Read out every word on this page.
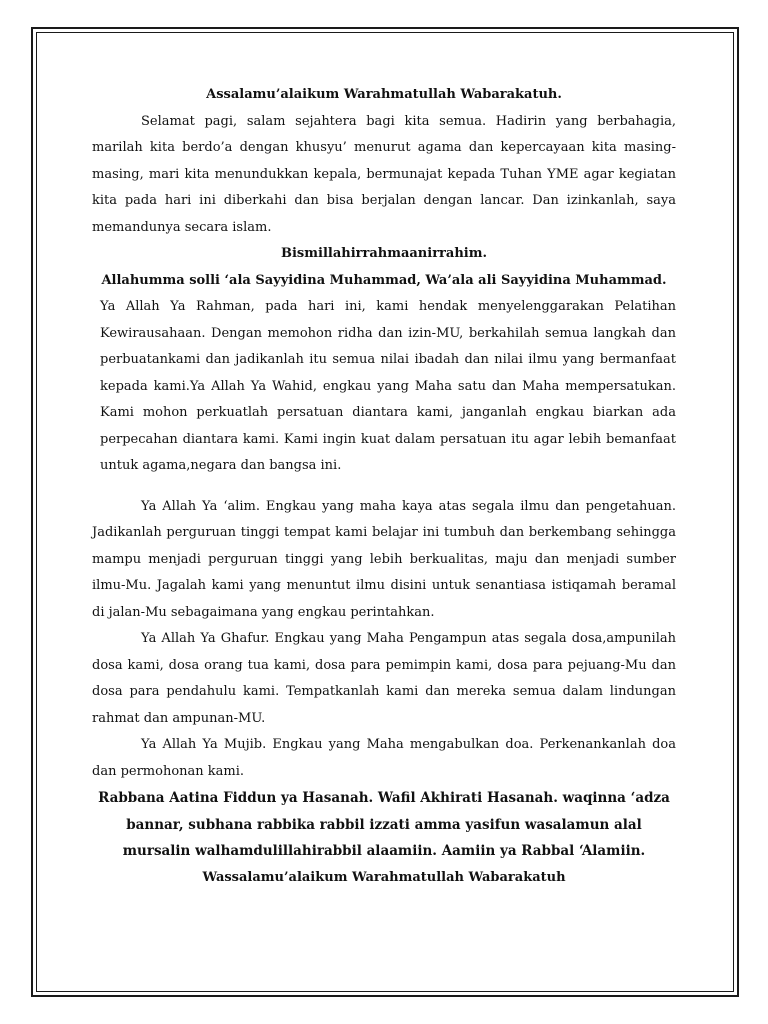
Assalamu’alaikum Warahmatullah Wabarakatuh.

Selamat pagi, salam sejahtera bagi kita semua. Hadirin yang berbahagia, marilah kita berdo’a dengan khusyu’ menurut agama dan kepercayaan kita masing-masing, mari kita menundukkan kepala, bermunajat kepada Tuhan YME agar kegiatan kita pada hari ini diberkahi dan bisa berjalan dengan lancar. Dan izinkanlah, saya memandunya secara islam.

Bismillahirrahmaanirrahim.

Allahumma solli ‘ala Sayyidina Muhammad, Wa’ala ali Sayyidina Muhammad.

Ya Allah Ya Rahman, pada hari ini, kami hendak menyelenggarakan Pelatihan Kewirausahaan. Dengan memohon ridha dan izin-MU, berkahilah semua langkah dan perbuatankami dan jadikanlah itu semua nilai ibadah dan nilai ilmu yang bermanfaat kepada kami.Ya Allah Ya Wahid, engkau yang Maha satu dan Maha mempersatukan. Kami mohon perkuatlah persatuan diantara kami, janganlah engkau biarkan ada perpecahan diantara kami. Kami ingin kuat dalam persatuan itu agar lebih bemanfaat untuk agama,negara dan bangsa ini.

Ya Allah Ya ‘alim. Engkau yang maha kaya atas segala ilmu dan pengetahuan. Jadikanlah perguruan tinggi tempat kami belajar ini tumbuh dan berkembang sehingga mampu menjadi perguruan tinggi yang lebih berkualitas, maju dan menjadi sumber ilmu-Mu. Jagalah kami yang menuntut ilmu disini untuk senantiasa istiqamah beramal di jalan-Mu sebagaimana yang engkau perintahkan.

Ya Allah Ya Ghafur. Engkau yang Maha Pengampun atas segala dosa,ampunilah dosa kami, dosa orang tua kami, dosa para pemimpin kami, dosa para pejuang-Mu dan dosa para pendahulu kami. Tempatkanlah kami dan mereka semua dalam lindungan rahmat dan ampunan-MU.

Ya Allah Ya Mujib. Engkau yang Maha mengabulkan doa. Perkenankanlah doa dan permohonan kami.

Rabbana Aatina Fiddun ya Hasanah. Wafil Akhirati Hasanah. waqinna ‘adza bannar, subhana rabbika rabbil izzati amma yasifun wasalamun alal mursalin walhamdulillahirabbil alaamiin. Aamiin ya Rabbal ‘Alamiin.

Wassalamu’alaikum Warahmatullah Wabarakatuh
